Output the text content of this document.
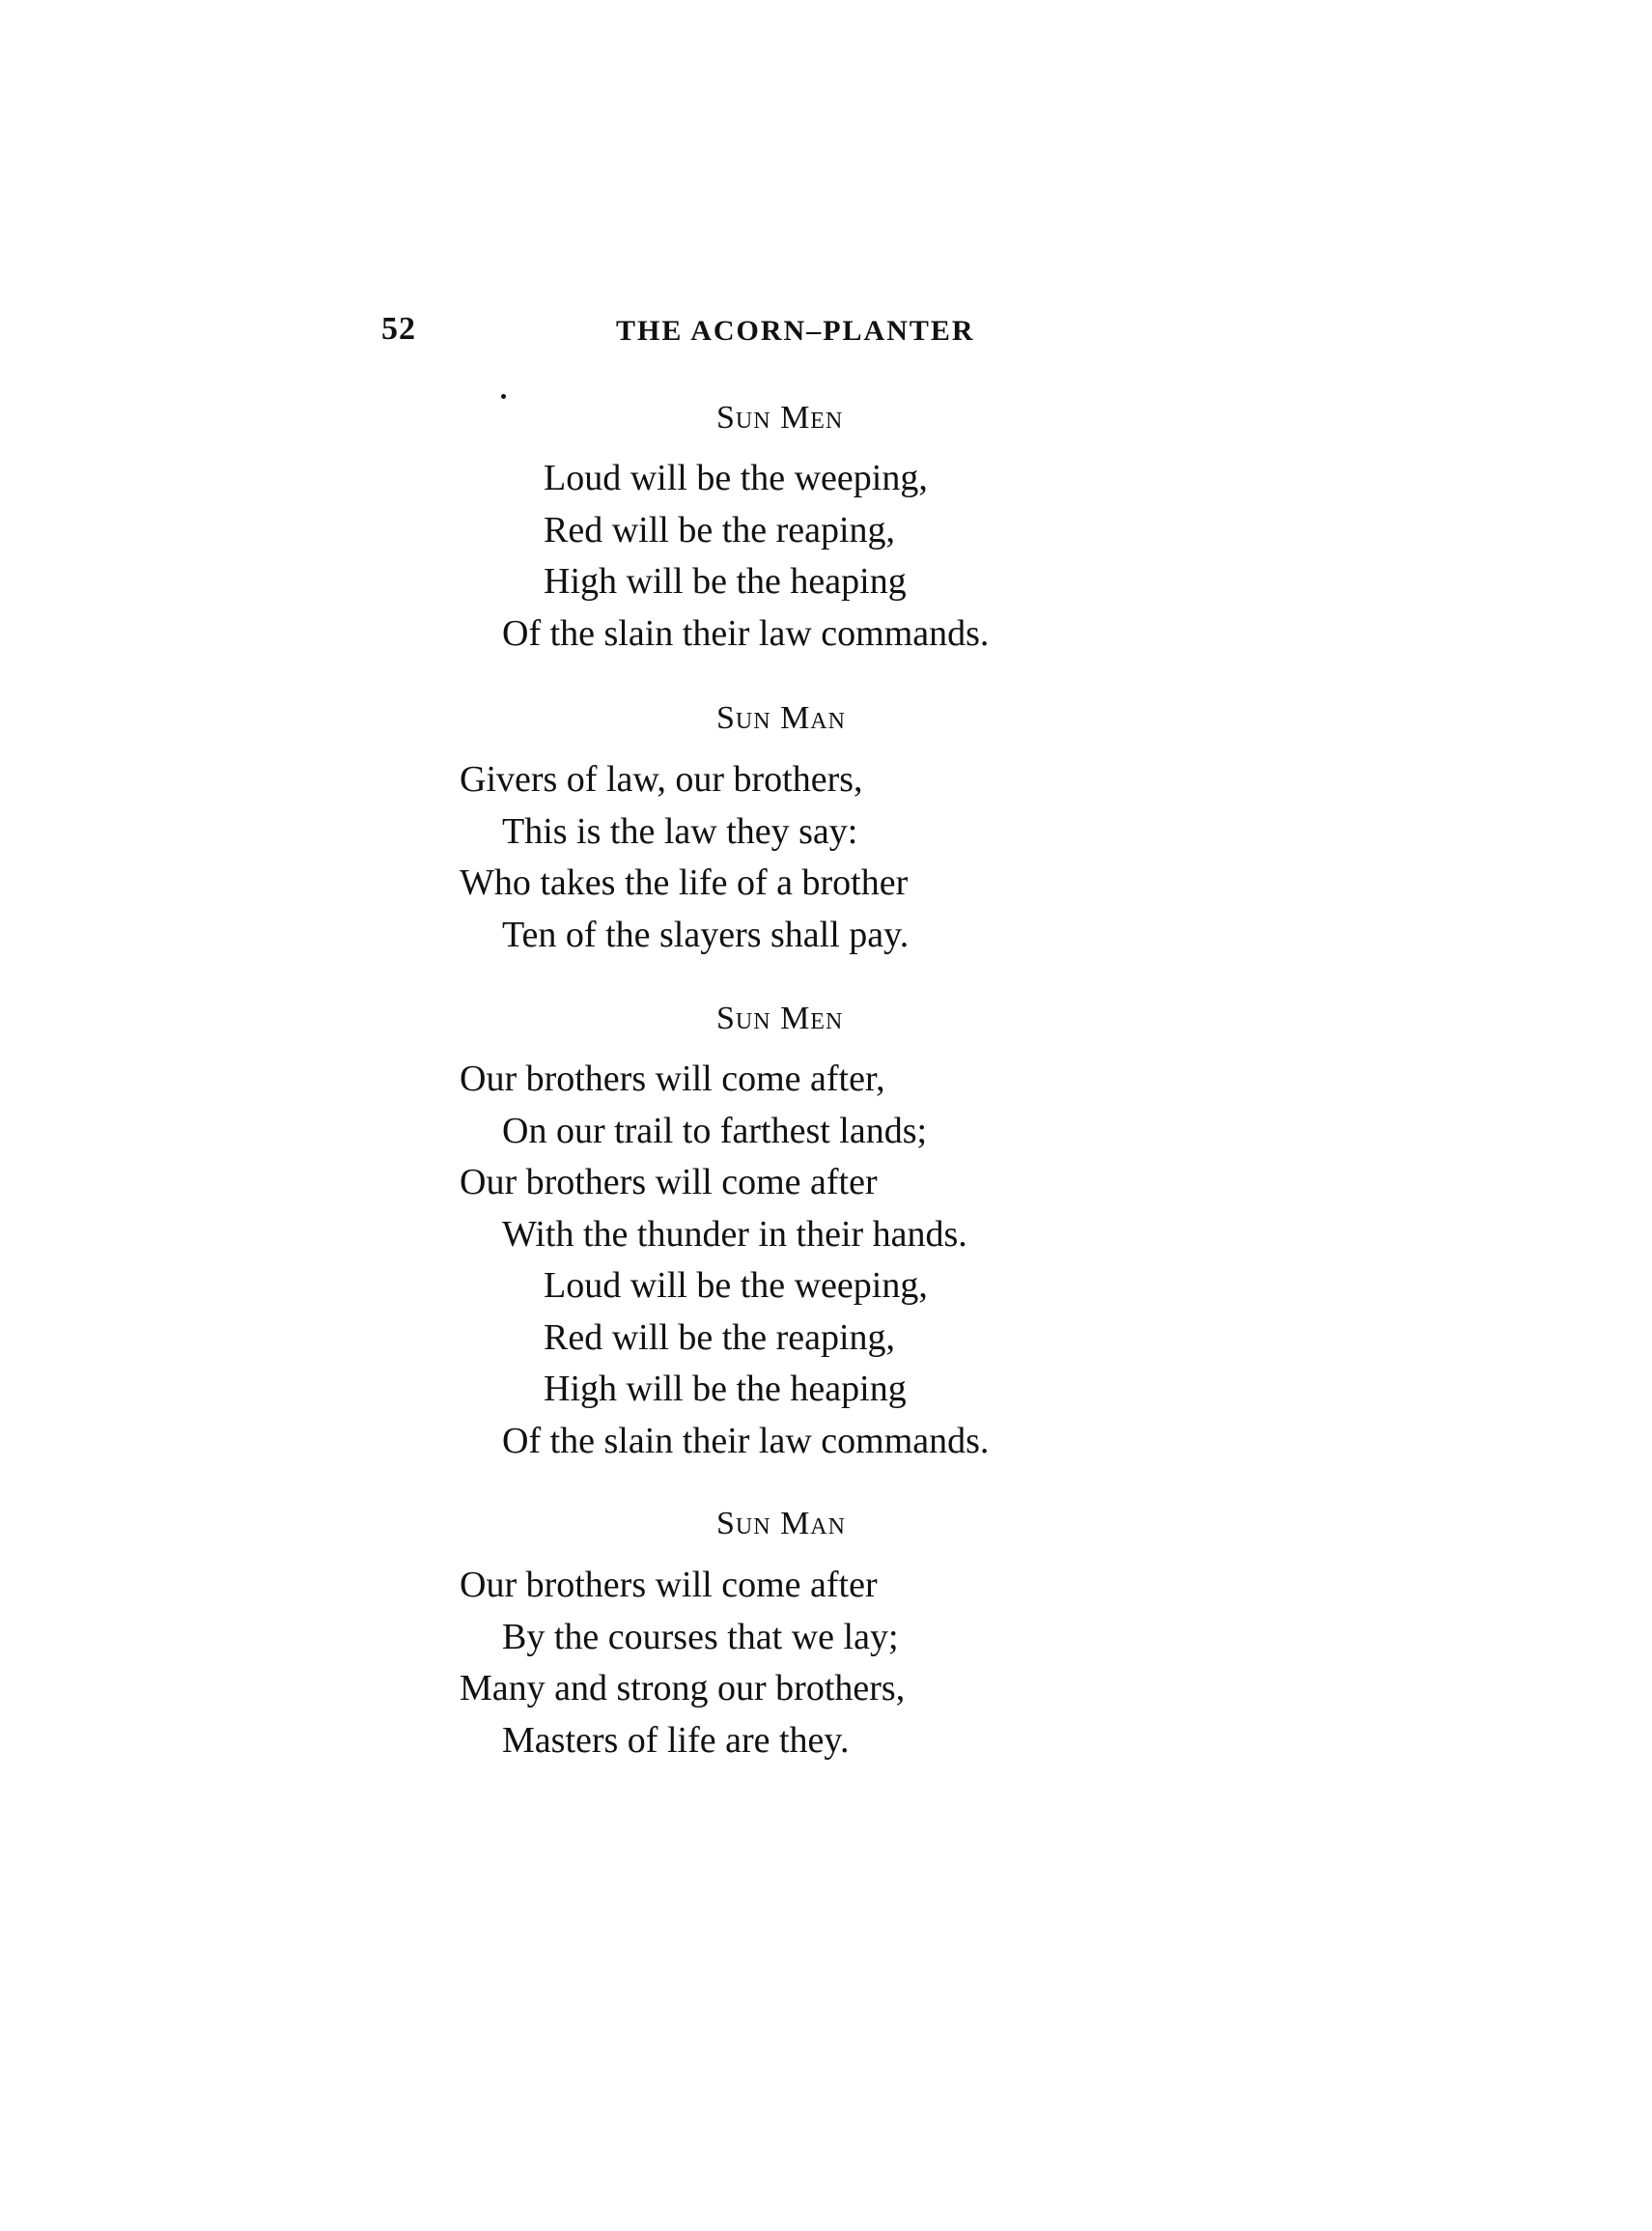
52	THE ACORN–PLANTER
Sun Men
Loud will be the weeping,
Red will be the reaping,
High will be the heaping
Of the slain their law commands.
Sun Man
Givers of law, our brothers,
This is the law they say:
Who takes the life of a brother
Ten of the slayers shall pay.
Sun Men
Our brothers will come after,
On our trail to farthest lands;
Our brothers will come after
With the thunder in their hands.
Loud will be the weeping,
Red will be the reaping,
High will be the heaping
Of the slain their law commands.
Sun Man
Our brothers will come after
By the courses that we lay;
Many and strong our brothers,
Masters of life are they.
